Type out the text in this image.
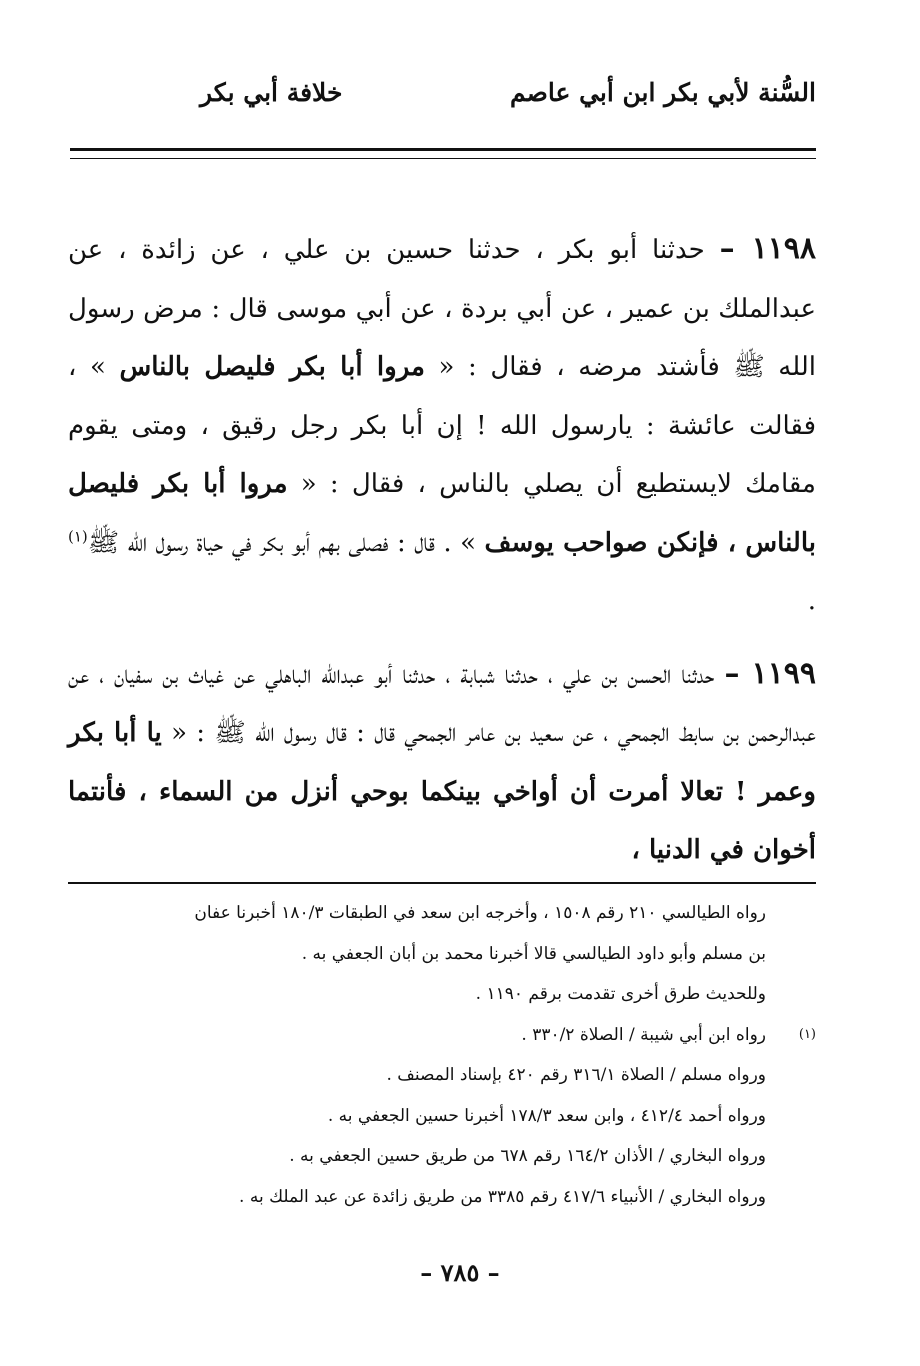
السُّنة لأبي بكر ابن أبي عاصم
خلافة أبي بكر

١١٩٨ – حدثنا أبو بكر ، حدثنا حسين بن علي ، عن زائدة ، عن عبدالملك بن عمير ، عن أبي بردة ، عن أبي موسى قال : مرض رسول الله ﷺ فأشتد مرضه ، فقال : « مروا أبا بكر فليصل بالناس » ، فقالت عائشة : يارسول الله ! إن أبا بكر رجل رقيق ، ومتى يقوم مقامك لايستطيع أن يصلي بالناس ، فقال : « مروا أبا بكر فليصل بالناس ، فإنكن صواحب يوسف » . قال : فصلى بهم أبو بكر في حياة رسول الله ﷺ$^{(١)}$ .

١١٩٩ – حدثنا الحسن بن علي ، حدثنا شبابة ، حدثنا أبو عبدالله الباهلي عن غياث بن سفيان ، عن عبدالرحمن بن سابط الجمحي ، عن سعيد بن عامر الجمحي قال : قال رسول الله ﷺ : « يا أبا بكر وعمر ! تعالا أمرت أن أواخي بينكما بوحي أنزل من السماء ، فأنتما أخوان في الدنيا ،

رواه الطيالسي ٢١٠ رقم ١٥٠٨ ، وأخرجه ابن سعد في الطبقات ١٨٠/٣ أخبرنا عفان

بن مسلم وأبو داود الطيالسي قالا أخبرنا محمد بن أبان الجعفي به .

وللحديث طرق أخرى تقدمت برقم ١١٩٠ .

(١)
رواه ابن أبي شيبة / الصلاة ٣٣٠/٢ .

ورواه مسلم / الصلاة ٣١٦/١ رقم ٤٢٠ بإسناد المصنف .

ورواه أحمد ٤١٢/٤ ، وابن سعد ١٧٨/٣ أخبرنا حسين الجعفي به .

ورواه البخاري / الأذان ١٦٤/٢ رقم ٦٧٨ من طريق حسين الجعفي به .

ورواه البخاري / الأنبياء ٤١٧/٦ رقم ٣٣٨٥ من طريق زائدة عن عبد الملك به .

– ٧٨٥ –
